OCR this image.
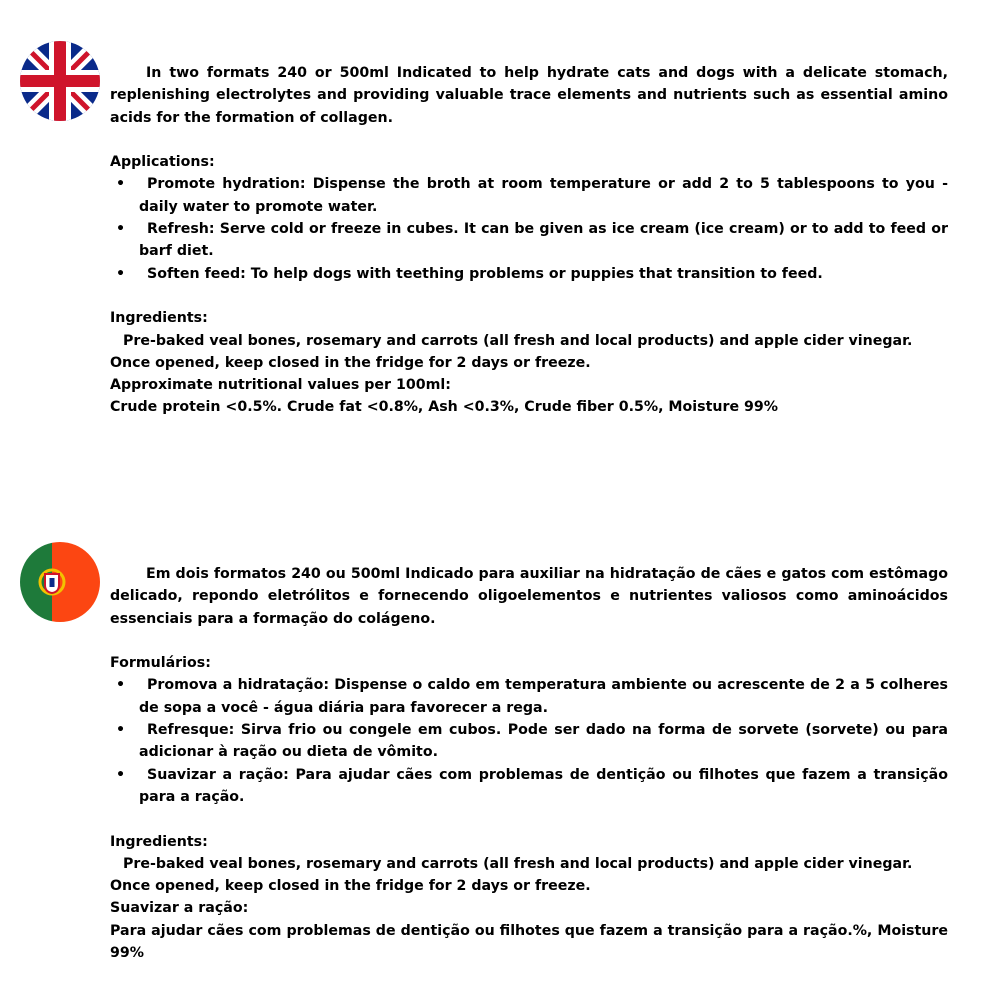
In two formats 240 or 500ml Indicated to help hydrate cats and dogs with a delicate stomach, replenishing electrolytes and providing valuable trace elements and nutrients such as essential amino acids for the formation of collagen.

Applications:

• Promote hydration: Dispense the broth at room temperature or add 2 to 5 tablespoons to you - daily water to promote water.
• Refresh: Serve cold or freeze in cubes. It can be given as ice cream (ice cream) or to add to feed or barf diet.
• Soften feed: To help dogs with teething problems or puppies that transition to feed.

Ingredients:

Pre-baked veal bones, rosemary and carrots (all fresh and local products) and apple cider vinegar.

Once opened, keep closed in the fridge for 2 days or freeze.

Approximate nutritional values per 100ml:

Crude protein <0.5%. Crude fat <0.8%, Ash <0.3%, Crude fiber 0.5%, Moisture 99%

Em dois formatos 240 ou 500ml Indicado para auxiliar na hidratação de cães e gatos com estômago delicado, repondo eletrólitos e fornecendo oligoelementos e nutrientes valiosos como aminoácidos essenciais para a formação do colágeno.

Formulários:

• Promova a hidratação: Dispense o caldo em temperatura ambiente ou acrescente de 2 a 5 colheres de sopa a você - água diária para favorecer a rega.
• Refresque: Sirva frio ou congele em cubos. Pode ser dado na forma de sorvete (sorvete) ou para adicionar à ração ou dieta de vômito.
• Suavizar a ração: Para ajudar cães com problemas de dentição ou filhotes que fazem a transição para a ração.

Ingredients:

Pre-baked veal bones, rosemary and carrots (all fresh and local products) and apple cider vinegar.

Once opened, keep closed in the fridge for 2 days or freeze.

Suavizar a ração:

Para ajudar cães com problemas de dentição ou filhotes que fazem a transição para a ração.%, Moisture 99%
